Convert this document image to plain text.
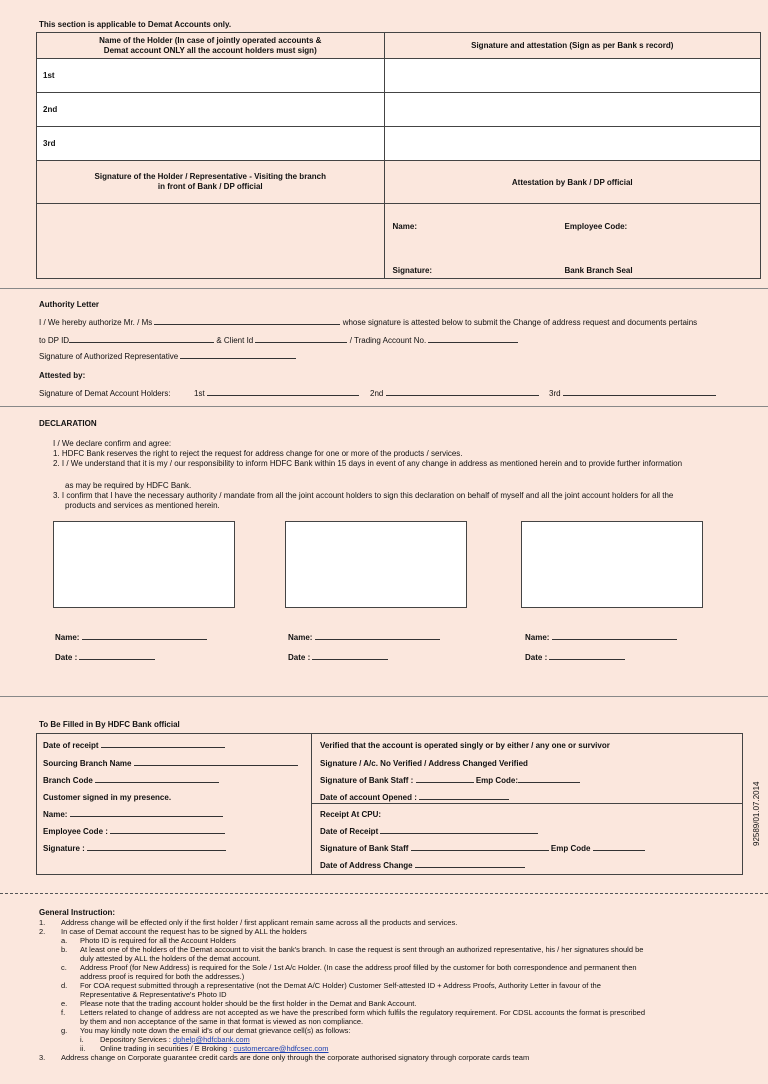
This section is applicable to Demat Accounts only.
Name of the Holder (In case of jointly operated accounts &
Demat account ONLY all the account holders must sign)	Signature and attestation (Sign as per Bank s record)
1st	
2nd	
3rd	

Signature of the Holder / Representative - Visiting the branch
in front of Bank / DP official	Attestation by Bank / DP official

	Name: Employee Code:
Signature: Bank Branch Seal
Authority Letter
I / We hereby authorize Mr. / Ms	whose signature is attested below to submit the Change of address request and documents pertains
to DP ID	& Client Id	/ Trading Account No.
Signature of Authorized Representative
Attested by:
Signature of Demat Account Holders:	1st	2nd	3rd
DECLARATION
I / We declare confirm and agree:
1. HDFC Bank reserves the right to reject the request for address change for one or more of the products / services.
2. I / We understand that it is my / our responsibility to inform HDFC Bank within 15 days in event of any change in address as mentioned herein and to provide further information
as may be required by HDFC Bank.
3. I confirm that I have the necessary authority / mandate from all the joint account holders to sign this declaration on behalf of myself and all the joint account holders for all the
products and services as mentioned herein.
Name:
Date :
Name:
Date :
Name:
Date :
To Be Filled in By HDFC Bank official
Date of receipt
Sourcing Branch Name
Branch Code
Customer signed in my presence.
Name:
Employee Code :
Signature :
Verified that the account is operated singly or by either / any one or survivor
Signature / A/c. No Verified / Address Changed Verified
Signature of Bank Staff :	Emp Code:
Date of account Opened :
Receipt At CPU:
Date of Receipt
Signature of Bank Staff	Emp Code
Date of Address Change
92589/01.07.2014
General Instruction:
1. Address change will be effected only if the first holder / first applicant remain same across all the products and services.
2. In case of Demat account the request has to be signed by ALL the holders
a. Photo ID is required for all the Account Holders
b. At least one of the holders of the Demat account to visit the bank's branch. In case the request is sent through an authorized representative, his / her signatures should be
duly attested by ALL the holders of the demat account.
c. Address Proof (for New Address) is required for the Sole / 1st A/c Holder. (In case the address proof filled by the customer for both correspondence and permanent then
address proof is required for both the addresses.)
d. For COA request submitted through a representative (not the Demat A/C Holder) Customer Self-attested ID + Address Proofs, Authority Letter in favour of the
Representative & Representative's Photo ID
e. Please note that the trading account holder should be the first holder in the Demat and Bank Account.
f. Letters related to change of address are not accepted as we have the prescribed form which fulfils the regulatory requirement. For CDSL accounts the format is prescribed
by them and non acceptance of the same in that format is viewed as non compliance.
g. You may kindly note down the email id's of our demat grievance cell(s) as follows:
i. Depository Services : dphelp@hdfcbank.com
ii. Online trading in securities / E Broking : customercare@hdfcsec.com
3. Address change on Corporate guarantee credit cards are done only through the corporate authorised signatory through corporate cards team
